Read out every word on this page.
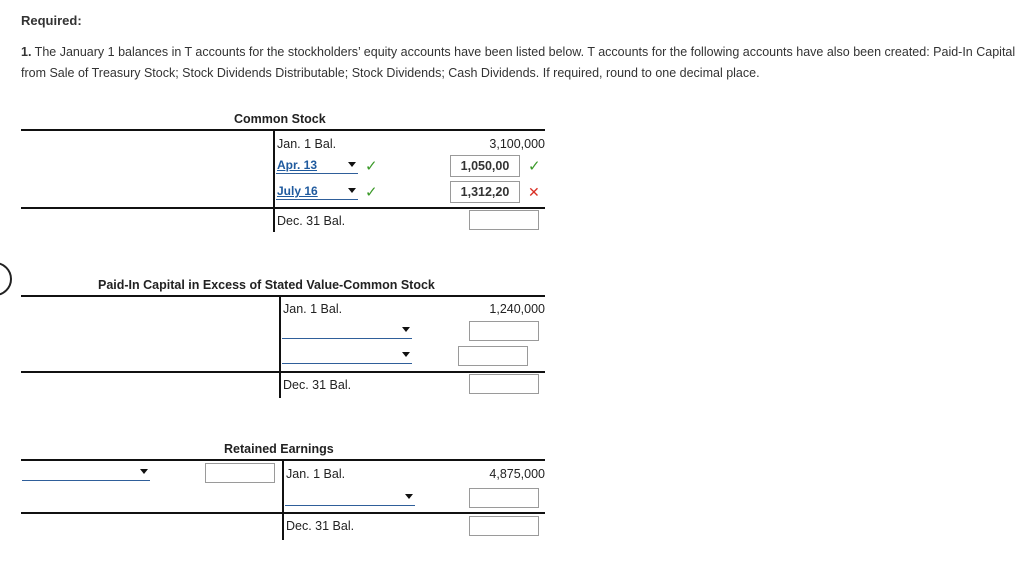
Required:
1. The January 1 balances in T accounts for the stockholders’ equity accounts have been listed below. T accounts for the following accounts have also been created: Paid-In Capital from Sale of Treasury Stock; Stock Dividends Distributable; Stock Dividends; Cash Dividends. If required, round to one decimal place.
Common Stock
Jan. 1 Bal.	3,100,000
Apr. 13	✓	1,050,00	✓
July 16	✓	1,312,20	✕
Dec. 31 Bal.
Paid-In Capital in Excess of Stated Value-Common Stock
Jan. 1 Bal.	1,240,000
Dec. 31 Bal.
Retained Earnings
Jan. 1 Bal.	4,875,000
Dec. 31 Bal.
